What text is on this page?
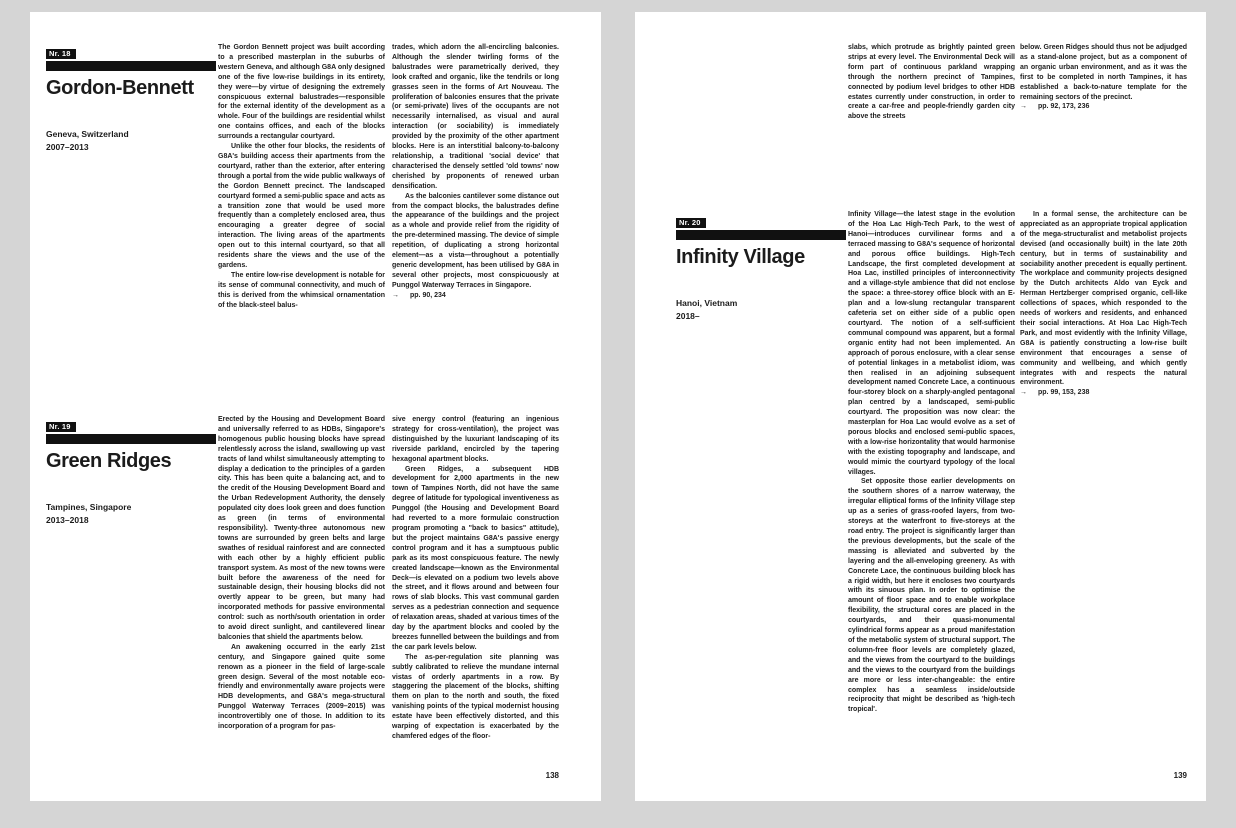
Nr. 18
Gordon-Bennett
Geneva, Switzerland
2007–2013

The Gordon Bennett project was built according to a prescribed masterplan in the suburbs of western Geneva, and although G8A only designed one of the five low-rise buildings in its entirety, they were—by virtue of designing the extremely conspicuous external balustrades—responsible for the external identity of the development as a whole. Four of the buildings are residential whilst one contains offices, and each of the blocks surrounds a rectangular courtyard.

Unlike the other four blocks, the residents of G8A's building access their apartments from the courtyard, rather than the exterior, after entering through a portal from the wide public walkways of the Gordon Bennett precinct. The landscaped courtyard formed a semi-public space and acts as a transition zone that would be used more frequently than a completely enclosed area, thus encouraging a greater degree of social interaction. The living areas of the apartments open out to this internal courtyard, so that all residents share the views and the use of the gardens.

The entire low-rise development is notable for its sense of communal connectivity, and much of this is derived from the whimsical ornamentation of the black-steel balus-

trades, which adorn the all-encircling balconies. Although the slender twirling forms of the balustrades were parametrically derived, they look crafted and organic, like the tendrils or long grasses seen in the forms of Art Nouveau. The proliferation of balconies ensures that the private (or semi-private) lives of the occupants are not necessarily internalised, as visual and aural interaction (or sociability) is immediately provided by the proximity of the other apartment blocks. Here is an interstitial balcony-to-balcony relationship, a traditional 'social device' that characterised the densely settled 'old towns' now cherished by proponents of renewed urban densification.

As the balconies cantilever some distance out from the compact blocks, the balustrades define the appearance of the buildings and the project as a whole and provide relief from the rigidity of the pre-determined massing. The device of simple repetition, of duplicating a strong horizontal element—as a vista—throughout a potentially generic development, has been utilised by G8A in several other projects, most conspicuously at Punggol Waterway Terraces in Singapore.

→ pp. 90, 234

Nr. 19
Green Ridges
Tampines, Singapore
2013–2018

Erected by the Housing and Development Board and universally referred to as HDBs, Singapore's homogenous public housing blocks have spread relentlessly across the island, swallowing up vast tracts of land whilst simultaneously attempting to display a dedication to the principles of a garden city. This has been quite a balancing act, and to the credit of the Housing Development Board and the Urban Redevelopment Authority, the densely populated city does look green and does function as green (in terms of environmental responsibility). Twenty-three autonomous new towns are surrounded by green belts and large swathes of residual rainforest and are connected with each other by a highly efficient public transport system. As most of the new towns were built before the awareness of the need for sustainable design, their housing blocks did not overtly appear to be green, but many had incorporated methods for passive environmental control: such as north/south orientation in order to avoid direct sunlight, and cantilevered linear balconies that shield the apartments below.

An awakening occurred in the early 21st century, and Singapore gained quite some renown as a pioneer in the field of large-scale green design. Several of the most notable eco-friendly and environmentally aware projects were HDB developments, and G8A's mega-structural Punggol Waterway Terraces (2009–2015) was incontrovertibly one of those. In addition to its incorporation of a program for pas-

sive energy control (featuring an ingenious strategy for cross-ventilation), the project was distinguished by the luxuriant landscaping of its riverside parkland, encircled by the tapering hexagonal apartment blocks.

Green Ridges, a subsequent HDB development for 2,000 apartments in the new town of Tampines North, did not have the same degree of latitude for typological inventiveness as Punggol (the Housing and Development Board had reverted to a more formulaic construction program promoting a "back to basics" attitude), but the project maintains G8A's passive energy control program and it has a sumptuous public park as its most conspicuous feature. The newly created landscape—known as the Environmental Deck—is elevated on a podium two levels above the street, and it flows around and between four rows of slab blocks. This vast communal garden serves as a pedestrian connection and sequence of relaxation areas, shaded at various times of the day by the apartment blocks and cooled by the breezes funnelled between the buildings and from the car park levels below.

The as-per-regulation site planning was subtly calibrated to relieve the mundane internal vistas of orderly apartments in a row. By staggering the placement of the blocks, shifting them on plan to the north and south, the fixed vanishing points of the typical modernist housing estate have been effectively distorted, and this warping of expectation is exacerbated by the chamfered edges of the floor-

138

slabs, which protrude as brightly painted green strips at every level. The Environmental Deck will form part of continuous parkland wrapping through the northern precinct of Tampines, connected by podium level bridges to other HDB estates currently under construction, in order to create a car-free and people-friendly garden city above the streets

below. Green Ridges should thus not be adjudged as a stand-alone project, but as a component of an organic urban environment, and as it was the first to be completed in north Tampines, it has established a back-to-nature template for the remaining sectors of the precinct.

→ pp. 92, 173, 236

Nr. 20
Infinity Village
Hanoi, Vietnam
2018–

Infinity Village—the latest stage in the evolution of the Hoa Lac High-Tech Park, to the west of Hanoi—introduces curvilinear forms and a terraced massing to G8A's sequence of horizontal and porous office buildings. High-Tech Landscape, the first completed development at Hoa Lac, instilled principles of interconnectivity and a village-style ambience that did not enclose the space: a three-storey office block with an E-plan and a low-slung rectangular transparent cafeteria set on either side of a public open courtyard. The notion of a self-sufficient communal compound was apparent, but a formal organic entity had not been implemented. An approach of porous enclosure, with a clear sense of potential linkages in a metabolist idiom, was then realised in an adjoining subsequent development named Concrete Lace, a continuous four-storey block on a sharply-angled pentagonal plan centred by a landscaped, semi-public courtyard. The proposition was now clear: the masterplan for Hoa Lac would evolve as a set of porous blocks and enclosed semi-public spaces, with a low-rise horizontality that would harmonise with the existing topography and landscape, and would mimic the courtyard typology of the local villages.

Set opposite those earlier developments on the southern shores of a narrow waterway, the irregular elliptical forms of the Infinity Village step up as a series of grass-roofed layers, from two-storeys at the waterfront to five-storeys at the road entry. The project is significantly larger than the previous developments, but the scale of the massing is alleviated and subverted by the layering and the all-enveloping greenery. As with Concrete Lace, the continuous building block has a rigid width, but here it encloses two courtyards with its sinuous plan. In order to optimise the amount of floor space and to enable workplace flexibility, the structural cores are placed in the courtyards, and their quasi-monumental cylindrical forms appear as a proud manifestation of the metabolic system of structural support. The column-free floor levels are completely glazed, and the views from the courtyard to the buildings and the views to the courtyard from the buildings are more or less inter-changeable: the entire complex has a seamless inside/outside reciprocity that might be described as 'high-tech tropical'.

In a formal sense, the architecture can be appreciated as an appropriate tropical application of the mega-structuralist and metabolist projects devised (and occasionally built) in the late 20th century, but in terms of sustainability and sociability another precedent is equally pertinent. The workplace and community projects designed by the Dutch architects Aldo van Eyck and Herman Hertzberger comprised organic, cell-like collections of spaces, which responded to the needs of workers and residents, and enhanced their social interactions. At Hoa Lac High-Tech Park, and most evidently with the Infinity Village, G8A is patiently constructing a low-rise built environment that encourages a sense of community and wellbeing, and which gently integrates with and respects the natural environment.

→ pp. 99, 153, 238

139
